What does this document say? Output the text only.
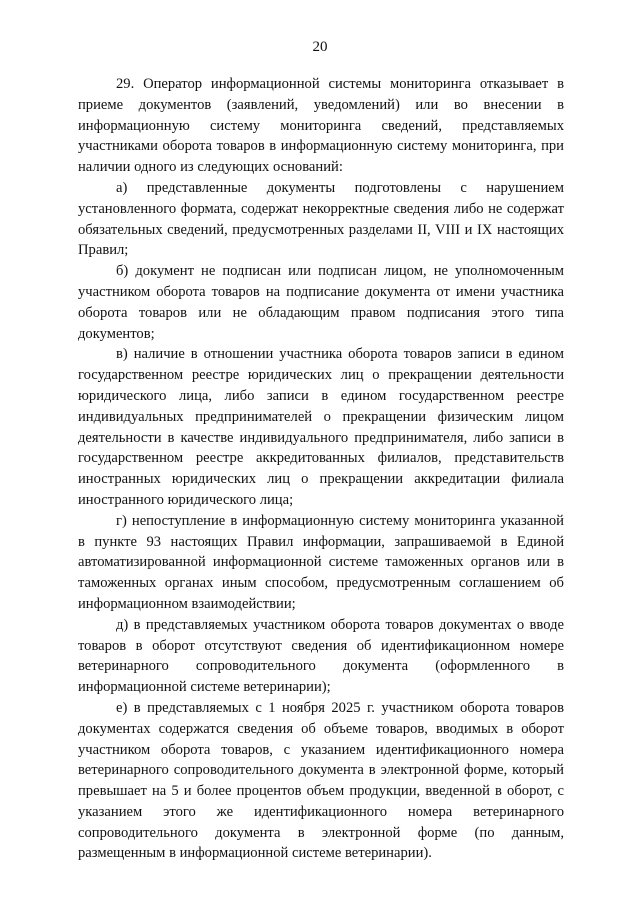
20

29. Оператор информационной системы мониторинга отказывает в приеме документов (заявлений, уведомлений) или во внесении в информационную систему мониторинга сведений, представляемых участниками оборота товаров в информационную систему мониторинга, при наличии одного из следующих оснований:

а) представленные документы подготовлены с нарушением установленного формата, содержат некорректные сведения либо не содержат обязательных сведений, предусмотренных разделами II, VIII и IX настоящих Правил;

б) документ не подписан или подписан лицом, не уполномоченным участником оборота товаров на подписание документа от имени участника оборота товаров или не обладающим правом подписания этого типа документов;

в) наличие в отношении участника оборота товаров записи в едином государственном реестре юридических лиц о прекращении деятельности юридического лица, либо записи в едином государственном реестре индивидуальных предпринимателей о прекращении физическим лицом деятельности в качестве индивидуального предпринимателя, либо записи в государственном реестре аккредитованных филиалов, представительств иностранных юридических лиц о прекращении аккредитации филиала иностранного юридического лица;

г) непоступление в информационную систему мониторинга указанной в пункте 93 настоящих Правил информации, запрашиваемой в Единой автоматизированной информационной системе таможенных органов или в таможенных органах иным способом, предусмотренным соглашением об информационном взаимодействии;

д) в представляемых участником оборота товаров документах о вводе товаров в оборот отсутствуют сведения об идентификационном номере ветеринарного сопроводительного документа (оформленного в информационной системе ветеринарии);

е) в представляемых с 1 ноября 2025 г. участником оборота товаров документах содержатся сведения об объеме товаров, вводимых в оборот участником оборота товаров, с указанием идентификационного номера ветеринарного сопроводительного документа в электронной форме, который превышает на 5 и более процентов объем продукции, введенной в оборот, с указанием этого же идентификационного номера ветеринарного сопроводительного документа в электронной форме (по данным, размещенным в информационной системе ветеринарии).
